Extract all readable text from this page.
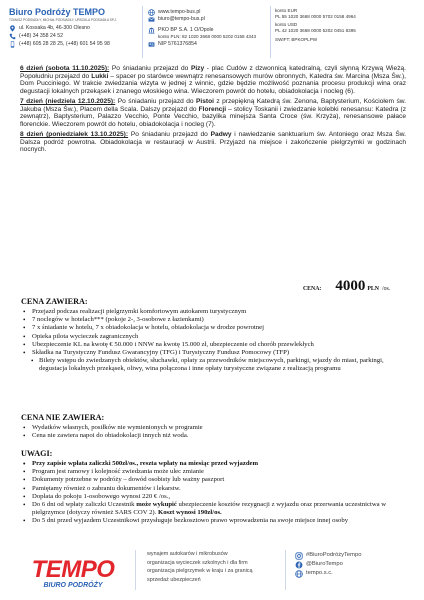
Biuro Podróży TEMPO
TOMASZ PODSIADŁY, MICHAŁ PODSIADŁY, URSZULA PODSIADŁA SP.J.
ul. Kossaka 4b, 46-300 Olesno
(+48) 34 358 24 52
(+48) 605 28 28 25, (+48) 601 54 95 98
www.tempo-bus.pl
biuro@tempo-bus.pl
PKO BP S.A. 1 O/Opole
konto PLN: 82 1020 3668 0000 5202 0158 4343
NIP 5761376854
konto EUR
PL 55 1020 3668 0000 5702 0158 4964
konto USD
PL 42 1020 3668 0000 5202 0451 8395
SWIFT: BPKOPLPW

6 dzień (sobota 11.10.2025): Po śniadaniu przejazd do Pizy - plac Cudów z dzwonnicą katedralną, czyli słynną Krzywą Wieżą. Popołudniu przejazd do Lukki – spacer po starówce wewnątrz renesansowych murów obronnych, Katedra św. Marcina (Msza Św.), Dom Pucciniego. W trakcie zwiedzania wizyta w jednej z winnic, gdzie będzie możliwość poznania procesu produkcji wina oraz degustacji lokalnych przekąsek i znanego włoskiego wina. Wieczorem powrót do hotelu, obiadokolacja i nocleg (6).

7 dzień (niedziela 12.10.2025): Po śniadaniu przejazd do Pistoi z przepiękną Katedrą św. Zenona, Baptysterium, Kościołem św. Jakuba (Msza Św.), Placem della Scala. Dalszy przejazd do Florencji – stolicy Toskanii i zwiedzanie kolebki renesansu: Katedra (z zewnątrz), Baptysterium, Palazzo Vecchio, Ponte Vecchio, bazylika minejsza Santa Croce (św. Krzyża), renesansowe pałace florenckie. Wieczorem powrót do hotelu, obiadokolacja i nocleg (7).

8 dzień (poniedziałek 13.10.2025): Po śniadaniu przejazd do Padwy i nawiedzanie sanktuarium św. Antoniego oraz Msza Św. Dalsza podróż powrotna. Obiadokolacja w restauracji w Austrii. Przyjazd na miejsce i zakończenie pielgrzymki w godzinach nocnych.

CENA: 4000 PLN /os.
CENA ZAWIERA:
• Przejazd podczas realizacji pielgrzymki komfortowym autokarem turystycznym
• 7 noclegów w hotelach*** (pokoje 2-, 3-osobowe z łazienkami)
• 7 x śniadanie w hotelu, 7 x obiadokolacja w hotelu, obiadokolacja w drodze powrotnej
• Opieka pilota wycieczek zagranicznych
• Ubezpieczenie KL na kwotę € 50.000 i NNW na kwotę 15.000 zł, ubezpieczenie od chorób przewlekłych
• Składka na Turystyczny Fundusz Gwarancyjny (TFG) i Turystyczny Fundusz Pomocowy (TFP)
• Bilety wstępu do zwiedzanych obiektów, słuchawki, opłaty za przewodników miejscowych, parkingi, wjazdy do miast, parkingi, degustacja lokalnych przekąsek, oliwy, wina połączona i inne opłaty turystyczne związane z realizacją programu
CENA NIE ZAWIERA:
• Wydatków własnych, posiłków nie wymienionych w programie
• Cena nie zawiera napoi do obiadokolacji innych niż woda.
UWAGI:
• Przy zapisie wpłata zaliczki 500zł/os., reszta wpłaty na miesiąc przed wyjazdem
• Program jest ramowy i kolejność zwiedzania może ulec zmianie
• Dokumenty potrzebne w podróży – dowód osobisty lub ważny paszport
• Pamiętamy również o zabraniu dokumentów i lekarstw.
• Dopłata do pokoju 1-osobowego wynosi 220 € /os.,
• Do 6 dni od wpłaty zaliczki Uczestnik może wykupić ubezpieczenie kosztów rezygnacji z wyjazdu oraz przerwania uczestnictwa w pielgrzymce (dotyczy również SARS COV 2). Koszt wynosi 190zł/os.
• Do 5 dni przed wyjazdem Uczestnikowi przysługuje bezkosztowo prawo wprowadzenia na swoje miejsce innej osoby
TEMPO
BIURO PODRÓŻY
wynajem autokarów i mikrobusów
organizacja wycieczek szkolnych i dla firm
organizacja pielgrzymek w kraju i za granicą
sprzedaż ubezpieczeń
#BiuroPodróżyTempo
@BiuroTempo
tempo.s.c.
